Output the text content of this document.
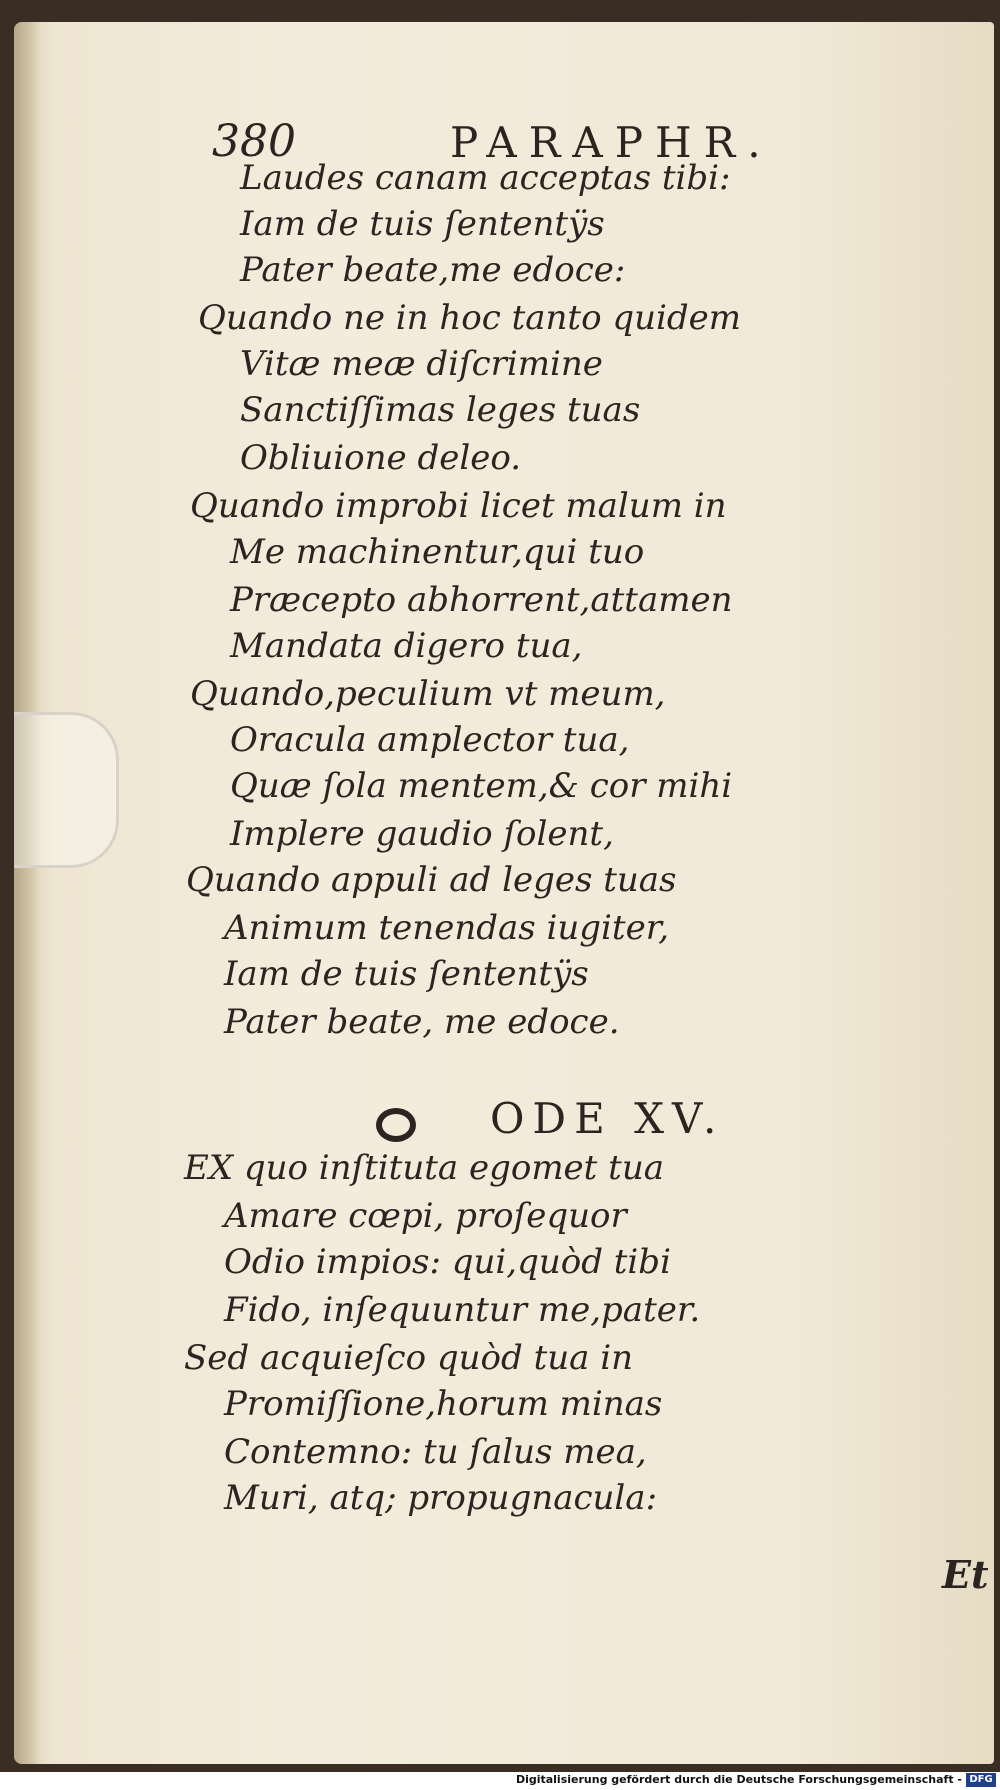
380	PARAPHR.
Laudes canam acceptas tibi:
Iam de tuis ſententÿs
Pater beate,me edoce:
Quando ne in hoc tanto quidem
Vitæ meæ diſcrimine
Sanctiſſimas leges tuas
Obliuione deleo.
Quando improbi licet malum in
Me machinentur,qui tuo
Præcepto abhorrent,attamen
Mandata digero tua,
Quando,peculium vt meum,
Oracula amplector tua,
Quæ ſola mentem,& cor mihi
Implere gaudio ſolent,
Quando appuli ad leges tuas
Animum tenendas iugiter,
Iam de tuis ſententÿs
Pater beate, me edoce.
ODE XV.
EX quo inſtituta egomet tua
Amare cœpi, proſequor
Odio impios: qui,quòd tibi
Fido, inſequuntur me,pater.
Sed acquieſco quòd tua in
Promiſſione,horum minas
Contemno: tu ſalus mea,
Muri, atq; propugnacula:
Et
Digitalisierung gefördert durch die Deutsche Forschungsgemeinschaft - DFG
